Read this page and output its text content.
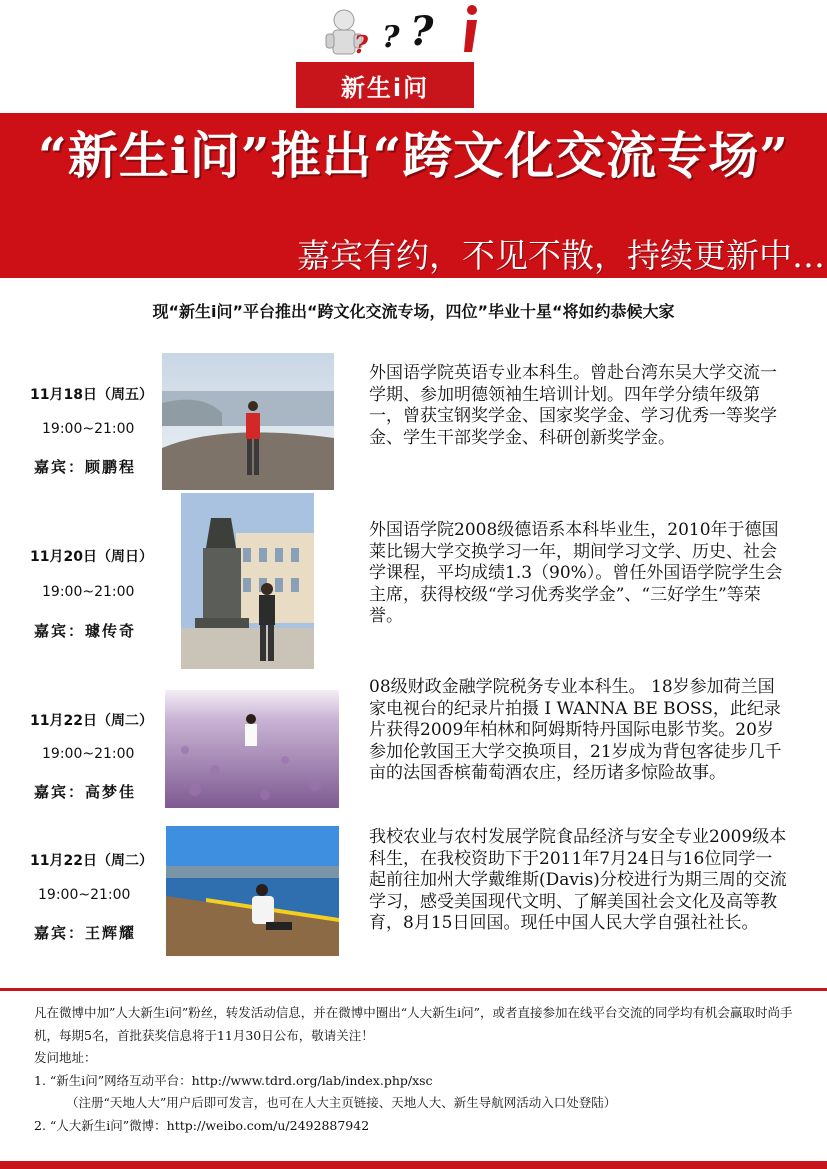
? ? ?
新生i问
“新生i问”推出“跨文化交流专场”
嘉宾有约，不见不散，持续更新中…
现“新生i问”平台推出“跨文化交流专场，四位”毕业十星“将如约恭候大家
11月18日（周五）
19:00~21:00
嘉宾：顾鹏程
外国语学院英语专业本科生。曾赴台湾东吴大学交流一学期、参加明德领袖生培训计划。四年学分绩年级第一，曾获宝钢奖学金、国家奖学金、学习优秀一等奖学金、学生干部奖学金、科研创新奖学金。
11月20日（周日）
19:00~21:00
嘉宾：璩传奇
外国语学院2008级德语系本科毕业生，2010年于德国莱比锡大学交换学习一年，期间学习文学、历史、社会学课程，平均成绩1.3（90%）。曾任外国语学院学生会主席，获得校级“学习优秀奖学金”、“三好学生”等荣誉。
11月22日（周二）
19:00~21:00
嘉宾：高梦佳
08级财政金融学院税务专业本科生。 18岁参加荷兰国家电视台的纪录片拍摄 I WANNA BE BOSS，此纪录片获得2009年柏林和阿姆斯特丹国际电影节奖。20岁参加伦敦国王大学交换项目，21岁成为背包客徒步几千亩的法国香槟葡萄酒农庄，经历诸多惊险故事。
11月22日（周二）
19:00~21:00
嘉宾：王辉耀
我校农业与农村发展学院食品经济与安全专业2009级本科生，在我校资助下于2011年7月24日与16位同学一起前往加州大学戴维斯(Davis)分校进行为期三周的交流学习，感受美国现代文明、了解美国社会文化及高等教育，8月15日回国。现任中国人民大学自强社社长。

凡在微博中加”人大新生i问”粉丝，转发活动信息，并在微博中圈出“人大新生i问”，或者直接参加在线平台交流的同学均有机会赢取时尚手机，每期5名，首批获奖信息将于11月30日公布，敬请关注！

发问地址：

1. “新生i问”网络互动平台：http://www.tdrd.org/lab/index.php/xsc

（注册“天地人大”用户后即可发言，也可在人大主页链接、天地人大、新生导航网活动入口处登陆）

2. “人大新生i问”微博：http://weibo.com/u/2492887942
